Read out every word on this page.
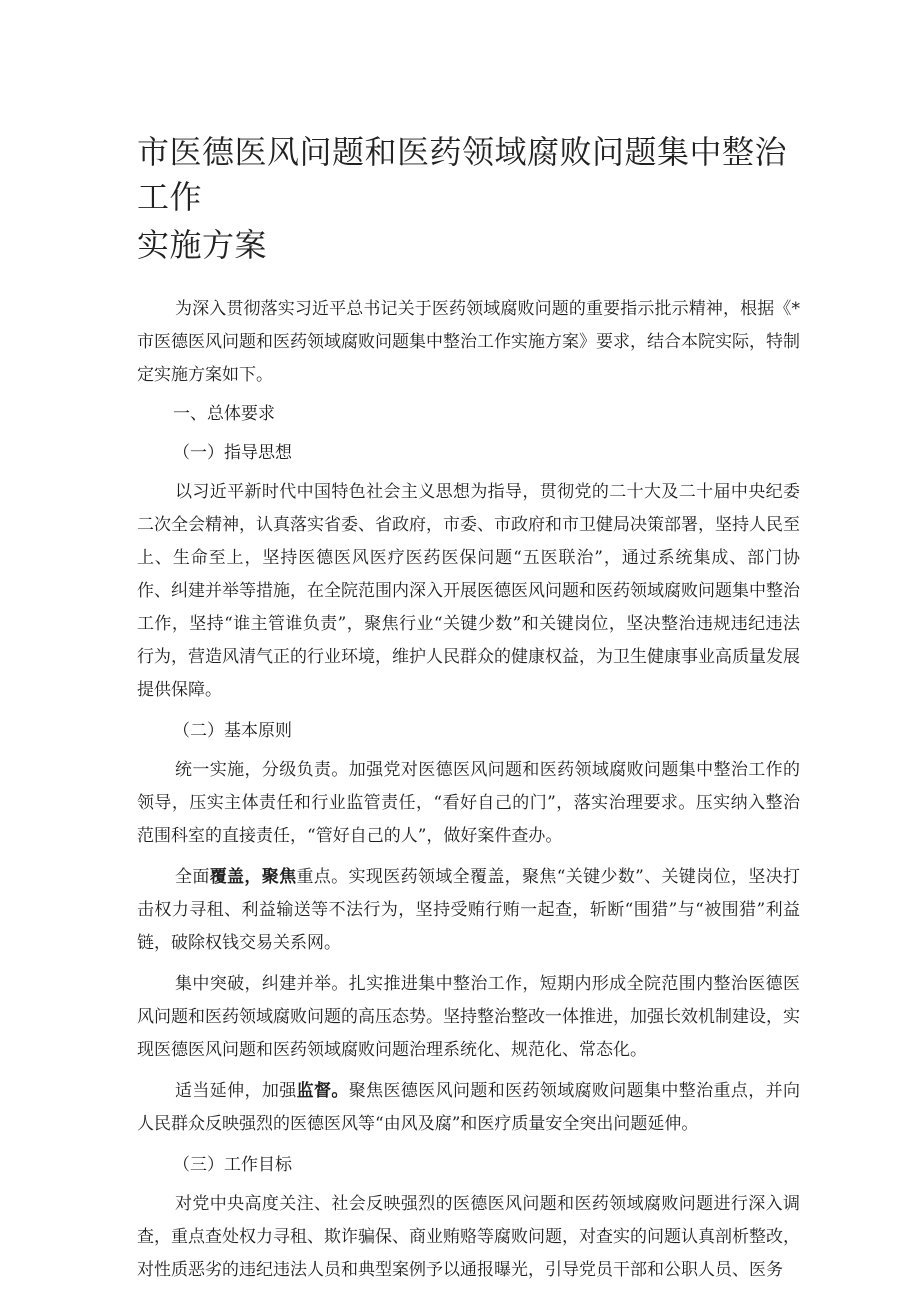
市医德医风问题和医药领域腐败问题集中整治工作
实施方案

为深入贯彻落实习近平总书记关于医药领域腐败问题的重要指示批示精神，根据《*市医德医风问题和医药领域腐败问题集中整治工作实施方案》要求，结合本院实际，特制定实施方案如下。

一、总体要求

（一）指导思想

以习近平新时代中国特色社会主义思想为指导，贯彻党的二十大及二十届中央纪委二次全会精神，认真落实省委、省政府，市委、市政府和市卫健局决策部署，坚持人民至上、生命至上，坚持医德医风医疗医药医保问题“五医联治”，通过系统集成、部门协作、纠建并举等措施，在全院范围内深入开展医德医风问题和医药领域腐败问题集中整治工作，坚持“谁主管谁负责”，聚焦行业“关键少数”和关键岗位，坚决整治违规违纪违法行为，营造风清气正的行业环境，维护人民群众的健康权益，为卫生健康事业高质量发展提供保障。

（二）基本原则

统一实施，分级负责。加强党对医德医风问题和医药领域腐败问题集中整治工作的领导，压实主体责任和行业监管责任，“看好自己的门”，落实治理要求。压实纳入整治范围科室的直接责任，“管好自己的人”，做好案件查办。

全面覆盖，聚焦重点。实现医药领域全覆盖，聚焦“关键少数”、关键岗位，坚决打击权力寻租、利益输送等不法行为，坚持受贿行贿一起查，斩断“围猎”与“被围猎”利益链，破除权钱交易关系网。

集中突破，纠建并举。扎实推进集中整治工作，短期内形成全院范围内整治医德医风问题和医药领域腐败问题的高压态势。坚持整治整改一体推进，加强长效机制建设，实现医德医风问题和医药领域腐败问题治理系统化、规范化、常态化。

适当延伸，加强监督。聚焦医德医风问题和医药领域腐败问题集中整治重点，并向人民群众反映强烈的医德医风等“由风及腐”和医疗质量安全突出问题延伸。

（三）工作目标

对党中央高度关注、社会反映强烈的医德医风问题和医药领域腐败问题进行深入调查，重点查处权力寻租、欺诈骗保、商业贿赂等腐败问题，对查实的问题认真剖析整改，对性质恶劣的违纪违法人员和典型案例予以通报曝光，引导党员干部和公职人员、医务
